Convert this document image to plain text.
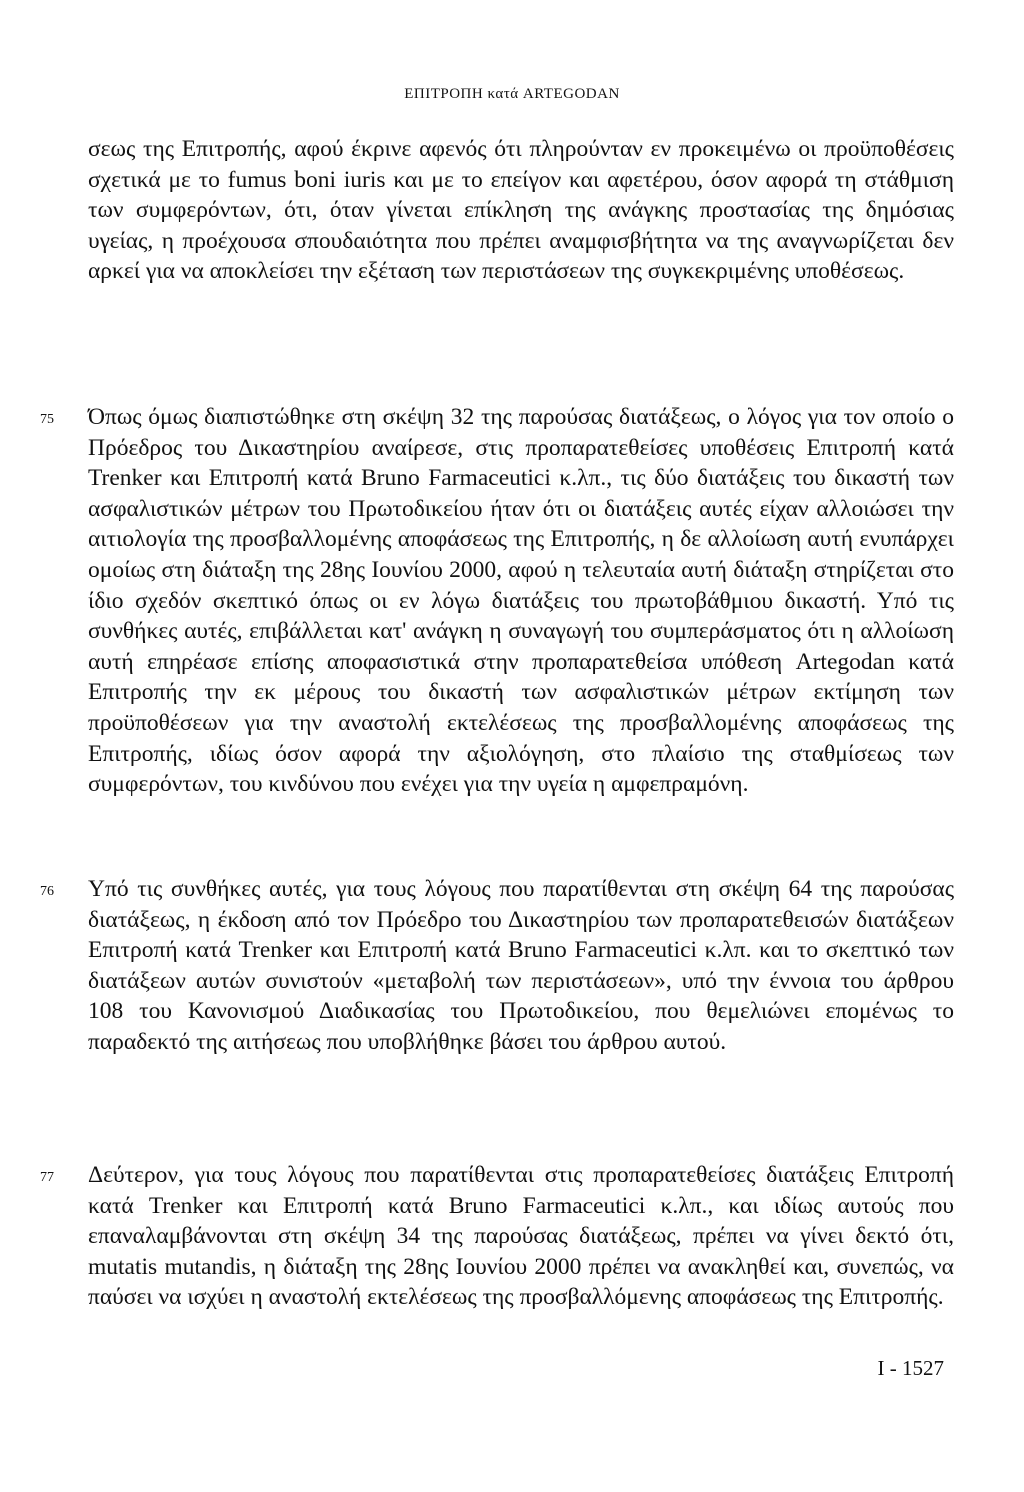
ΕΠΙΤΡΟΠΗ κατά ARTEGODAN

σεως της Επιτροπής, αφού έκρινε αφενός ότι πληρούνταν εν προκειμένω οι προϋποθέσεις σχετικά με το fumus boni iuris και με το επείγον και αφετέρου, όσον αφορά τη στάθμιση των συμφερόντων, ότι, όταν γίνεται επίκληση της ανάγκης προστασίας της δημόσιας υγείας, η προέχουσα σπουδαιότητα που πρέπει αναμφισβήτητα να της αναγνωρίζεται δεν αρκεί για να αποκλείσει την εξέταση των περιστάσεων της συγκεκριμένης υποθέσεως.

75 Όπως όμως διαπιστώθηκε στη σκέψη 32 της παρούσας διατάξεως, ο λόγος για τον οποίο ο Πρόεδρος του Δικαστηρίου αναίρεσε, στις προπαρατεθείσες υποθέσεις Επιτροπή κατά Trenker και Επιτροπή κατά Bruno Farmaceutici κ.λπ., τις δύο διατάξεις του δικαστή των ασφαλιστικών μέτρων του Πρωτοδικείου ήταν ότι οι διατάξεις αυτές είχαν αλλοιώσει την αιτιολογία της προσβαλλομένης αποφάσεως της Επιτροπής, η δε αλλοίωση αυτή ενυπάρχει ομοίως στη διάταξη της 28ης Ιουνίου 2000, αφού η τελευταία αυτή διάταξη στηρίζεται στο ίδιο σχεδόν σκεπτικό όπως οι εν λόγω διατάξεις του πρωτοβάθμιου δικαστή. Υπό τις συνθήκες αυτές, επιβάλλεται κατ' ανάγκη η συναγωγή του συμπεράσματος ότι η αλλοίωση αυτή επηρέασε επίσης αποφασιστικά στην προπαρατεθείσα υπόθεση Artegodan κατά Επιτροπής την εκ μέρους του δικαστή των ασφαλιστικών μέτρων εκτίμηση των προϋποθέσεων για την αναστολή εκτελέσεως της προσβαλλομένης αποφάσεως της Επιτροπής, ιδίως όσον αφορά την αξιολόγηση, στο πλαίσιο της σταθμίσεως των συμφερόντων, του κινδύνου που ενέχει για την υγεία η αμφεπραμόνη.

76 Υπό τις συνθήκες αυτές, για τους λόγους που παρατίθενται στη σκέψη 64 της παρούσας διατάξεως, η έκδοση από τον Πρόεδρο του Δικαστηρίου των προπαρατεθεισών διατάξεων Επιτροπή κατά Trenker και Επιτροπή κατά Bruno Farmaceutici κ.λπ. και το σκεπτικό των διατάξεων αυτών συνιστούν «μεταβολή των περιστάσεων», υπό την έννοια του άρθρου 108 του Κανονισμού Διαδικασίας του Πρωτοδικείου, που θεμελιώνει επομένως το παραδεκτό της αιτήσεως που υποβλήθηκε βάσει του άρθρου αυτού.

77 Δεύτερον, για τους λόγους που παρατίθενται στις προπαρατεθείσες διατάξεις Επιτροπή κατά Trenker και Επιτροπή κατά Bruno Farmaceutici κ.λπ., και ιδίως αυτούς που επαναλαμβάνονται στη σκέψη 34 της παρούσας διατάξεως, πρέπει να γίνει δεκτό ότι, mutatis mutandis, η διάταξη της 28ης Ιουνίου 2000 πρέπει να ανακληθεί και, συνεπώς, να παύσει να ισχύει η αναστολή εκτελέσεως της προσβαλλόμενης αποφάσεως της Επιτροπής.

I - 1527
